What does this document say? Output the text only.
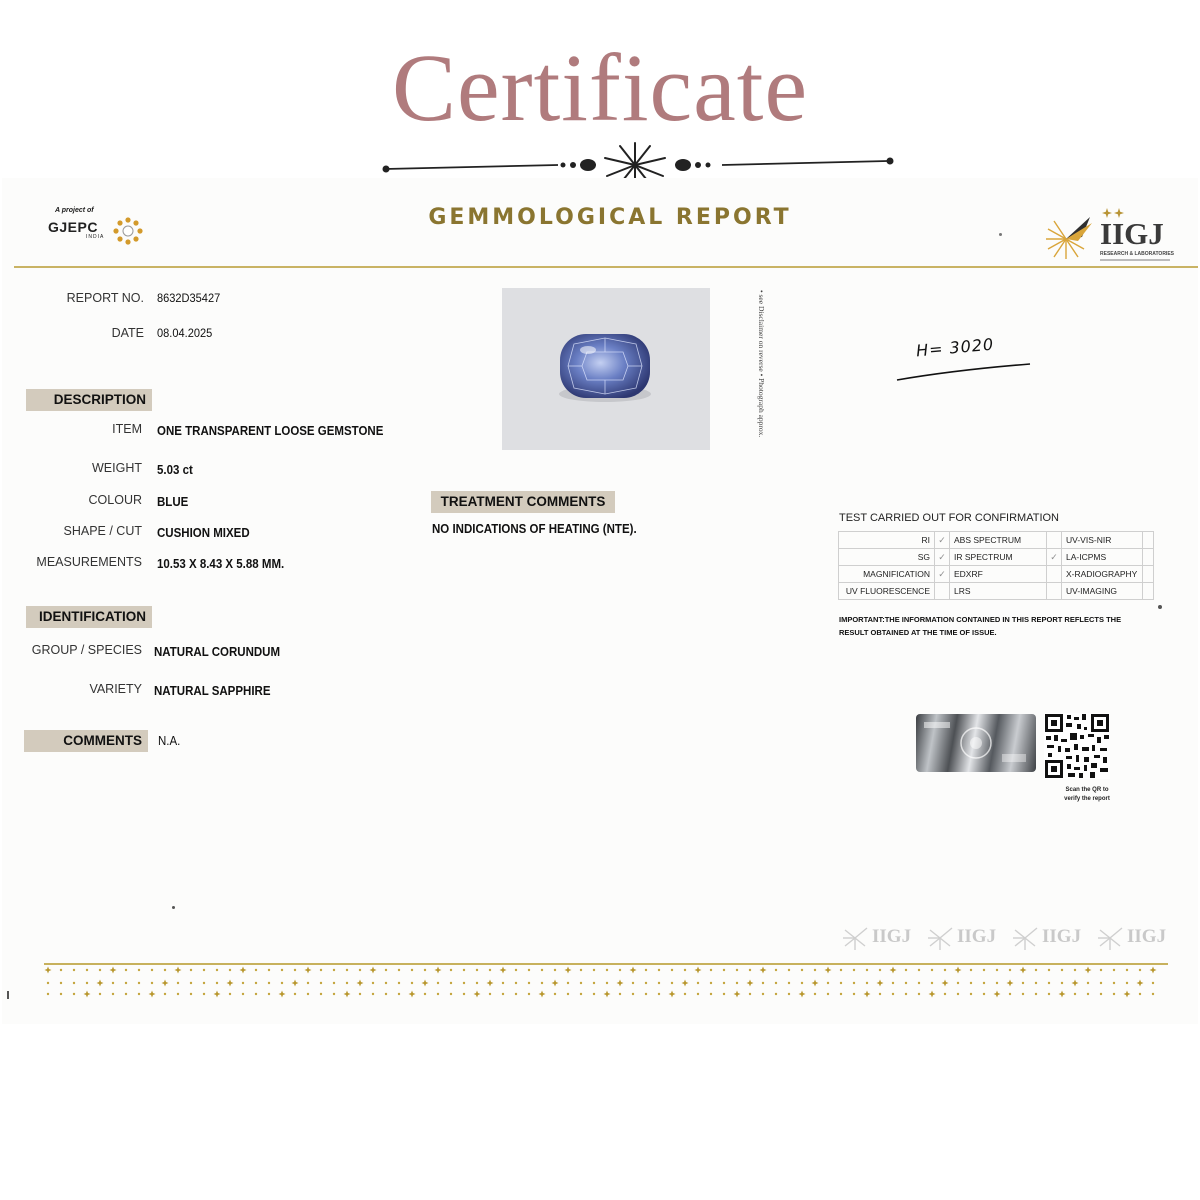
Certificate
A project of
GJEPC
INDIA
GEMMOLOGICAL REPORT	IIGJ
RESEARCH & LABORATORIES
REPORT NO. 8632D35427
DATE 08.04.2025
DESCRIPTION
ITEM ONE TRANSPARENT LOOSE GEMSTONE
WEIGHT 5.03 ct
COLOUR BLUE
SHAPE / CUT CUSHION MIXED
MEASUREMENTS 10.53 X 8.43 X 5.88 MM.
IDENTIFICATION
GROUP / SPECIES NATURAL CORUNDUM
VARIETY NATURAL SAPPHIRE
COMMENTS	N.A.
• see Disclaimer on reverse • Photograph approx.	H= 3020
TREATMENT COMMENTS
NO INDICATIONS OF HEATING (NTE).
TEST CARRIED OUT FOR CONFIRMATION
RI	✓	ABS SPECTRUM		UV-VIS-NIR	
SG	✓	IR SPECTRUM	✓	LA-ICPMS	
MAGNIFICATION	✓	EDXRF		X-RADIOGRAPHY	
UV FLUORESCENCE		LRS		UV-IMAGING	
IMPORTANT:THE INFORMATION CONTAINED IN THIS REPORT REFLECTS THE RESULT OBTAINED AT THE TIME OF ISSUE.
Scan the QR to
verify the report
IIGJ IIGJ IIGJ IIGJ
